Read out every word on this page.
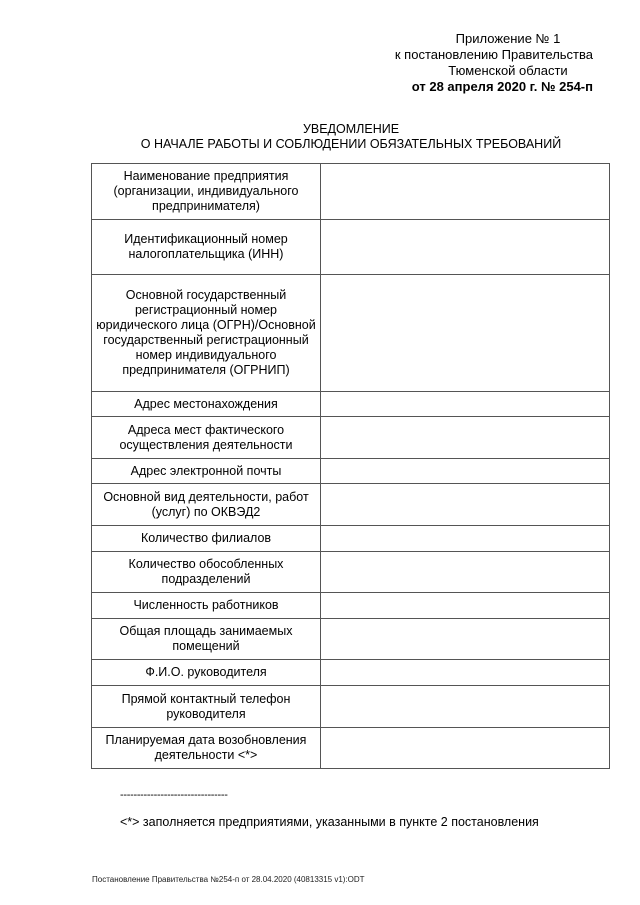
Приложение № 1
к постановлению Правительства
Тюменской области
от 28 апреля 2020 г. № 254-п
УВЕДОМЛЕНИЕ
О НАЧАЛЕ РАБОТЫ И СОБЛЮДЕНИИ ОБЯЗАТЕЛЬНЫХ ТРЕБОВАНИЙ
Наименование предприятия (организации, индивидуального предпринимателя)	
Идентификационный номер налогоплательщика (ИНН)	
Основной государственный регистрационный номер юридического лица (ОГРН)/Основной государственный регистрационный номер индивидуального предпринимателя (ОГРНИП)	
Адрес местонахождения	
Адреса мест фактического осуществления деятельности	
Адрес электронной почты	
Основной вид деятельности, работ (услуг) по ОКВЭД2	
Количество филиалов	
Количество обособленных подразделений	
Численность работников	
Общая площадь занимаемых помещений	
Ф.И.О. руководителя	
Прямой контактный телефон руководителя	
Планируемая дата возобновления деятельности <*>	
--------------------------------
<*> заполняется предприятиями, указанными в пункте 2 постановления
Постановление Правительства №254-п от 28.04.2020 (40813315 v1):ODT
